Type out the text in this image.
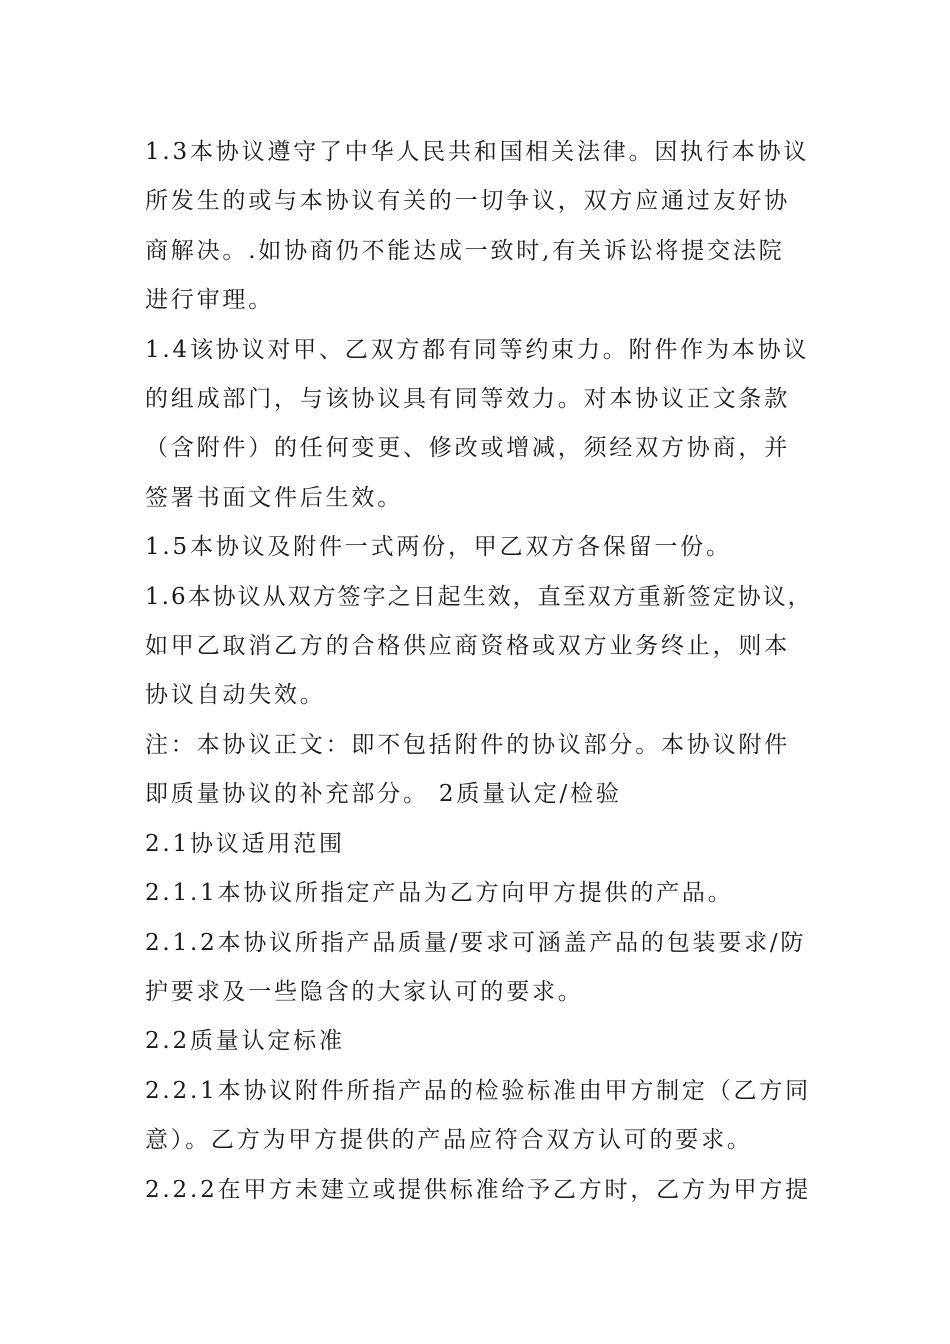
1.3本协议遵守了中华人民共和国相关法律。因执行本协议
所发生的或与本协议有关的一切争议，双方应通过友好协
商解决。.如协商仍不能达成一致时,有关诉讼将提交法院
进行审理。

1.4该协议对甲、乙双方都有同等约束力。附件作为本协议
的组成部门，与该协议具有同等效力。对本协议正文条款
（含附件）的任何变更、修改或增减，须经双方协商，并
签署书面文件后生效。

1.5本协议及附件一式两份，甲乙双方各保留一份。

1.6本协议从双方签字之日起生效，直至双方重新签定协议，
如甲乙取消乙方的合格供应商资格或双方业务终止，则本
协议自动失效。

注：本协议正文：即不包括附件的协议部分。本协议附件
即质量协议的补充部分。 2质量认定/检验

2.1协议适用范围

2.1.1本协议所指定产品为乙方向甲方提供的产品。

2.1.2本协议所指产品质量/要求可涵盖产品的包装要求/防
护要求及一些隐含的大家认可的要求。

2.2质量认定标准

2.2.1本协议附件所指产品的检验标准由甲方制定（乙方同
意）。乙方为甲方提供的产品应符合双方认可的要求。

2.2.2在甲方未建立或提供标准给予乙方时，乙方为甲方提
